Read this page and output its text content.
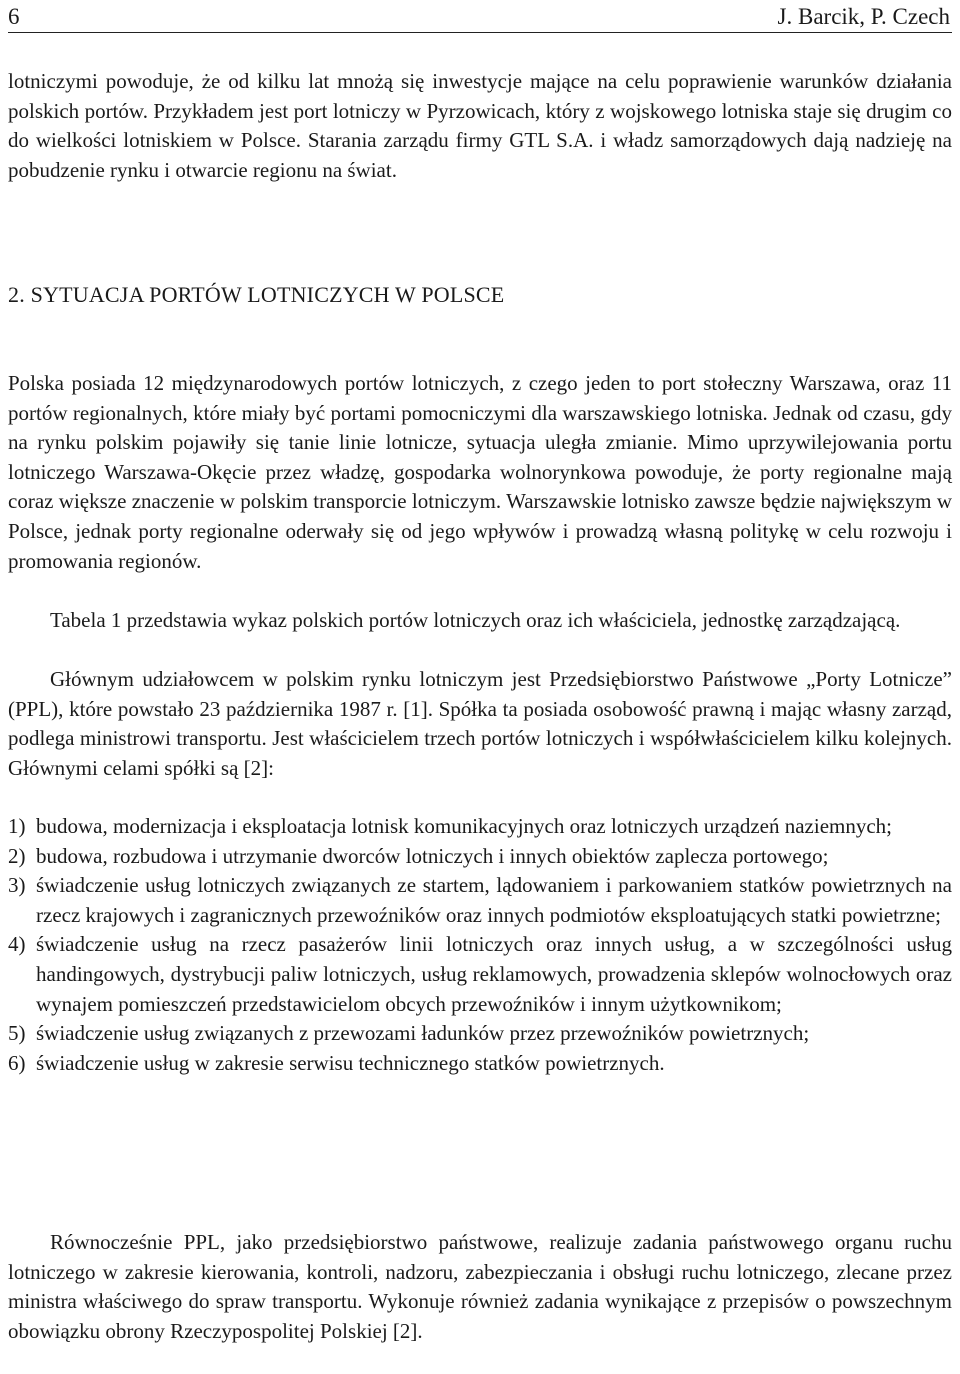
6	J. Barcik, P. Czech

lotniczymi powoduje, że od kilku lat mnożą się inwestycje mające na celu poprawienie warunków działania polskich portów. Przykładem jest port lotniczy w Pyrzowicach, który z wojskowego lotniska staje się drugim co do wielkości lotniskiem w Polsce. Starania zarządu firmy GTL S.A. i władz samorządowych dają nadzieję na pobudzenie rynku i otwarcie regionu na świat.

2. SYTUACJA PORTÓW LOTNICZYCH W POLSCE

Polska posiada 12 międzynarodowych portów lotniczych, z czego jeden to port stołeczny Warszawa, oraz 11 portów regionalnych, które miały być portami pomocniczymi dla warszawskiego lotniska. Jednak od czasu, gdy na rynku polskim pojawiły się tanie linie lotnicze, sytuacja uległa zmianie. Mimo uprzywilejowania portu lotniczego Warszawa-Okęcie przez władzę, gospodarka wolnorynkowa powoduje, że porty regionalne mają coraz większe znaczenie w polskim transporcie lotniczym. Warszawskie lotnisko zawsze będzie największym w Polsce, jednak porty regionalne oderwały się od jego wpływów i prowadzą własną politykę w celu rozwoju i promowania regionów.

Tabela 1 przedstawia wykaz polskich portów lotniczych oraz ich właściciela, jednostkę zarządzającą.

Głównym udziałowcem w polskim rynku lotniczym jest Przedsiębiorstwo Państwowe „Porty Lotnicze” (PPL), które powstało 23 października 1987 r. [1]. Spółka ta posiada osobowość prawną i mając własny zarząd, podlega ministrowi transportu. Jest właścicielem trzech portów lotniczych i współwłaścicielem kilku kolejnych. Głównymi celami spółki są [2]:

1) budowa, modernizacja i eksploatacja lotnisk komunikacyjnych oraz lotniczych urządzeń naziemnych;
2) budowa, rozbudowa i utrzymanie dworców lotniczych i innych obiektów zaplecza portowego;
3) świadczenie usług lotniczych związanych ze startem, lądowaniem i parkowaniem statków powietrznych na rzecz krajowych i zagranicznych przewoźników oraz innych podmiotów eksploatujących statki powietrzne;
4) świadczenie usług na rzecz pasażerów linii lotniczych oraz innych usług, a w szczególności usług handingowych, dystrybucji paliw lotniczych, usług reklamowych, prowadzenia sklepów wolnocłowych oraz wynajem pomieszczeń przedstawicielom obcych przewoźników i innym użytkownikom;
5) świadczenie usług związanych z przewozami ładunków przez przewoźników powietrznych;
6) świadczenie usług w zakresie serwisu technicznego statków powietrznych.

Równocześnie PPL, jako przedsiębiorstwo państwowe, realizuje zadania państwowego organu ruchu lotniczego w zakresie kierowania, kontroli, nadzoru, zabezpieczania i obsługi ruchu lotniczego, zlecane przez ministra właściwego do spraw transportu. Wykonuje również zadania wynikające z przepisów o powszechnym obowiązku obrony Rzeczypospolitej Polskiej [2].
